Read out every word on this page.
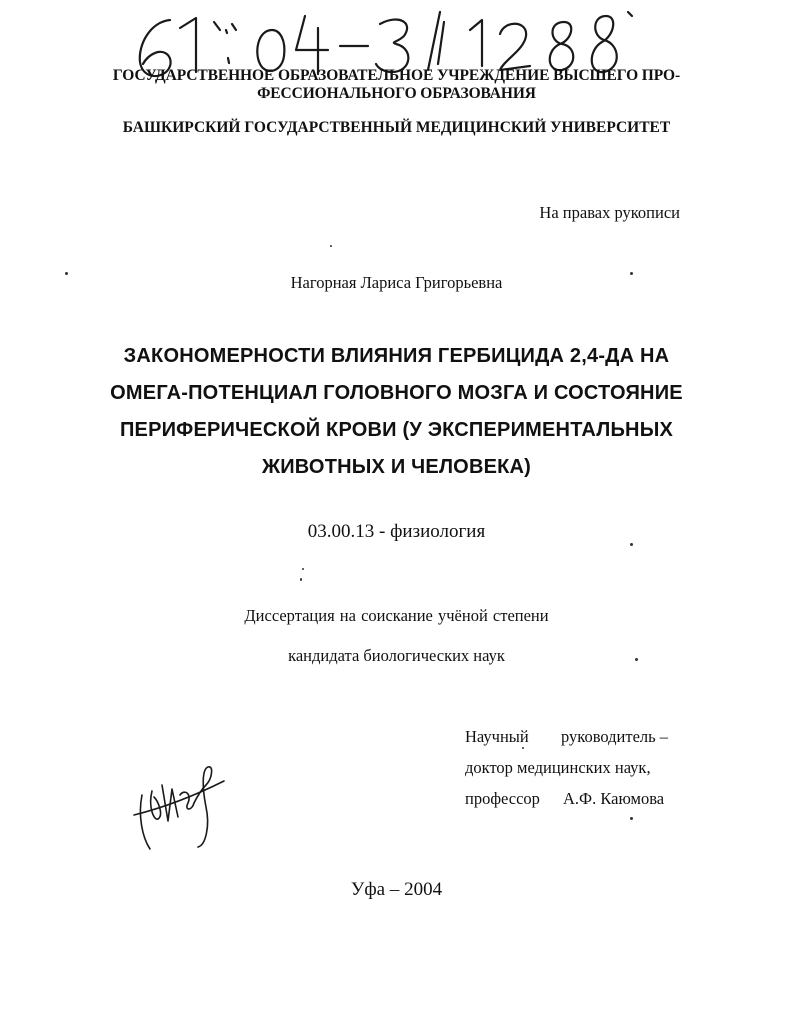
ГОСУДАРСТВЕННОЕ ОБРАЗОВАТЕЛЬНОЕ УЧРЕЖДЕНИЕ ВЫСШЕГО ПРО-
ФЕССИОНАЛЬНОГО ОБРАЗОВАНИЯ
БАШКИРСКИЙ ГОСУДАРСТВЕННЫЙ МЕДИЦИНСКИЙ УНИВЕРСИТЕТ
На правах рукописи
Нагорная Лариса Григорьевна
ЗАКОНОМЕРНОСТИ ВЛИЯНИЯ ГЕРБИЦИДА 2,4-ДА НА
ОМЕГА-ПОТЕНЦИАЛ ГОЛОВНОГО МОЗГА И СОСТОЯНИЕ
ПЕРИФЕРИЧЕСКОЙ КРОВИ (У ЭКСПЕРИМЕНТАЛЬНЫХ
ЖИВОТНЫХ И ЧЕЛОВЕКА)
03.00.13 - физиология
Диссертация на соискание учёной степени
кандидата биологических наук
Научный руководитель –
доктор медицинских наук,
профессор А.Ф. Каюмова
Уфа – 2004
